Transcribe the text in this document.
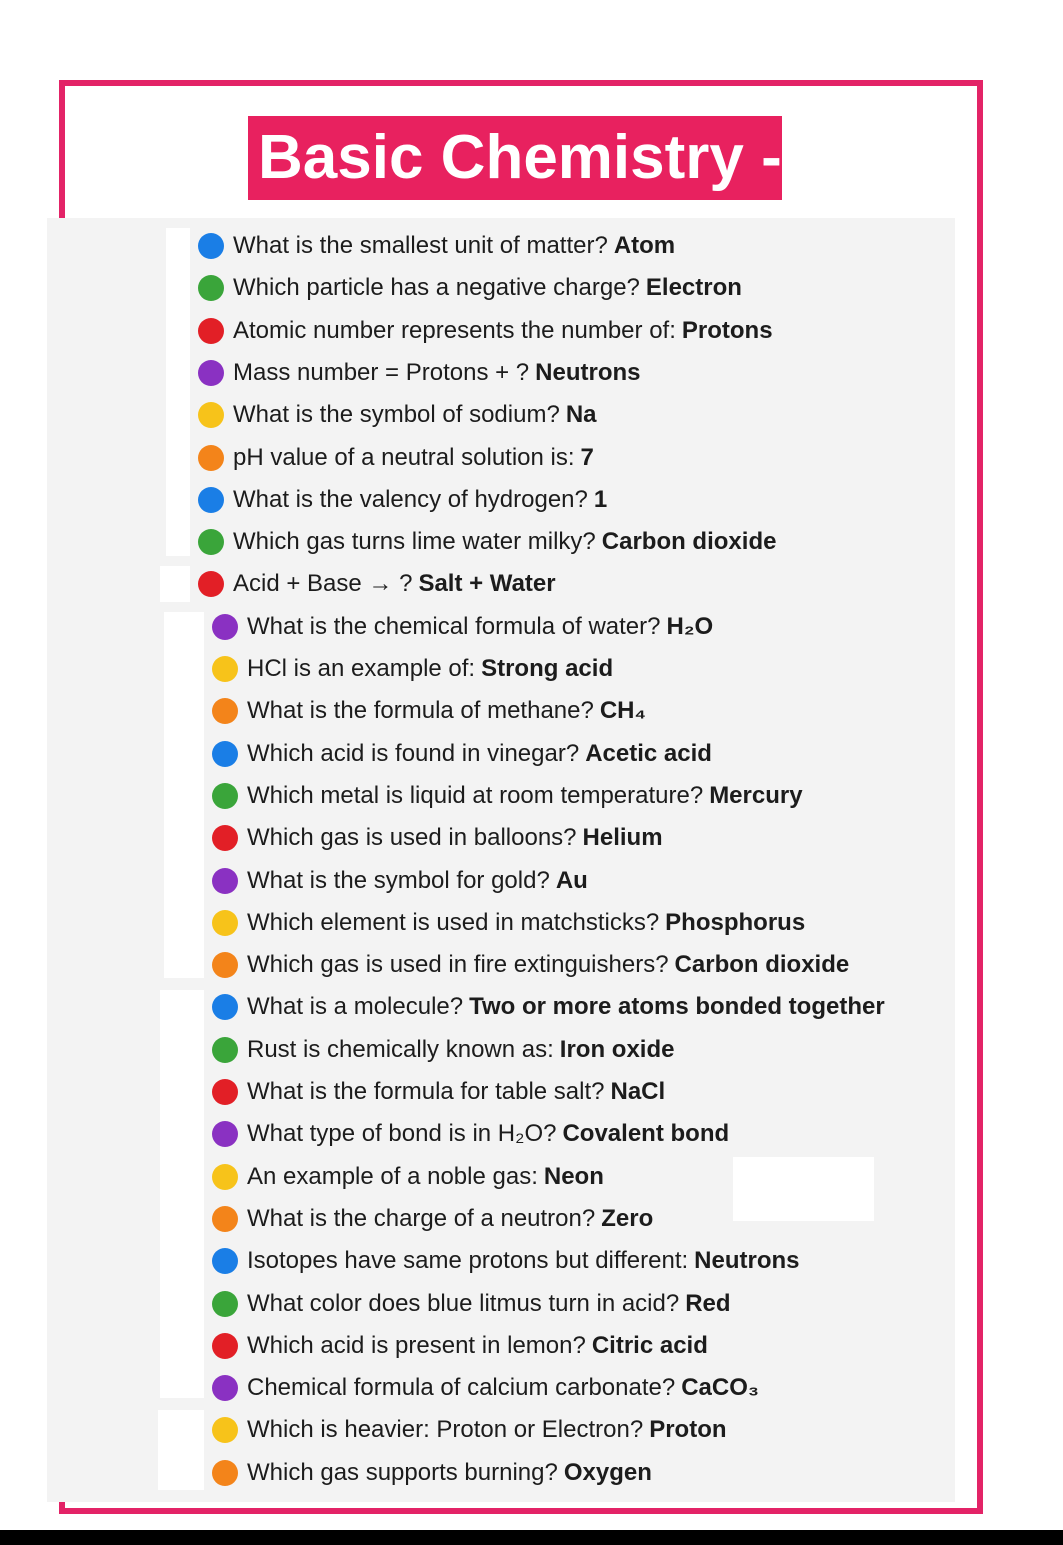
Basic Chemistry -
What is the smallest unit of matter? Atom
Which particle has a negative charge? Electron
Atomic number represents the number of: Protons
Mass number = Protons + ? Neutrons
What is the symbol of sodium? Na
pH value of a neutral solution is: 7
What is the valency of hydrogen? 1
Which gas turns lime water milky? Carbon dioxide
Acid + Base → ? Salt + Water
What is the chemical formula of water? H₂O
HCl is an example of: Strong acid
What is the formula of methane? CH₄
Which acid is found in vinegar? Acetic acid
Which metal is liquid at room temperature? Mercury
Which gas is used in balloons? Helium
What is the symbol for gold? Au
Which element is used in matchsticks? Phosphorus
Which gas is used in fire extinguishers? Carbon dioxide
What is a molecule? Two or more atoms bonded together
Rust is chemically known as: Iron oxide
What is the formula for table salt? NaCl
What type of bond is in H₂O? Covalent bond
An example of a noble gas: Neon
What is the charge of a neutron? Zero
Isotopes have same protons but different: Neutrons
What color does blue litmus turn in acid? Red
Which acid is present in lemon? Citric acid
Chemical formula of calcium carbonate? CaCO₃
Which is heavier: Proton or Electron? Proton
Which gas supports burning? Oxygen
